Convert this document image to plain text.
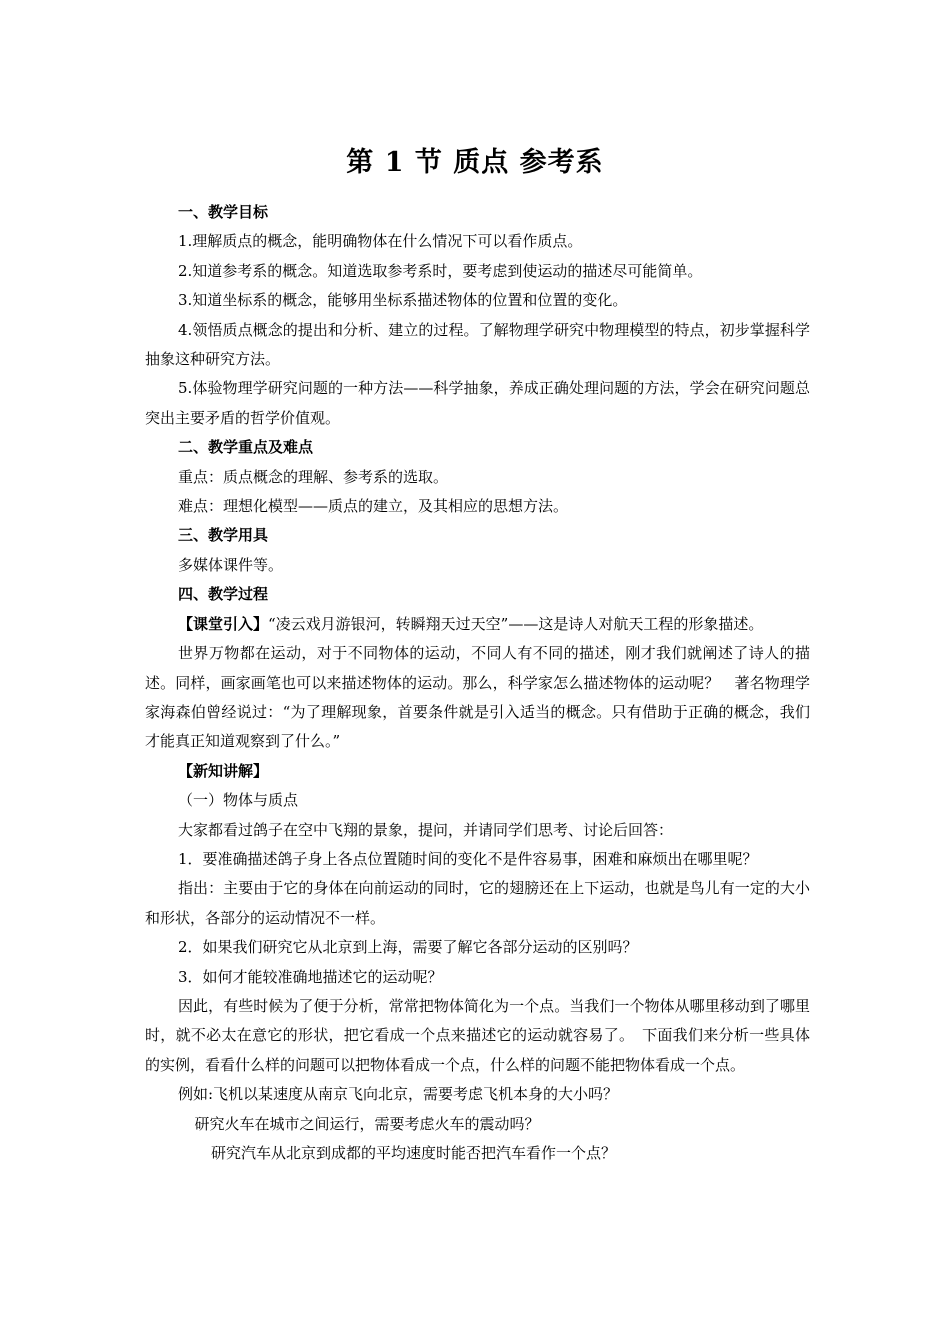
第 1 节 质点 参考系

一、教学目标

1.理解质点的概念，能明确物体在什么情况下可以看作质点。

2.知道参考系的概念。知道选取参考系时，要考虑到使运动的描述尽可能简单。

3.知道坐标系的概念，能够用坐标系描述物体的位置和位置的变化。

4.领悟质点概念的提出和分析、建立的过程。了解物理学研究中物理模型的特点，初步掌握科学抽象这种研究方法。

5.体验物理学研究问题的一种方法——科学抽象，养成正确处理问题的方法，学会在研究问题总突出主要矛盾的哲学价值观。

二、教学重点及难点

重点：质点概念的理解、参考系的选取。

难点：理想化模型——质点的建立，及其相应的思想方法。

三、教学用具

多媒体课件等。

四、教学过程

【课堂引入】“凌云戏月游银河，转瞬翔天过天空”——这是诗人对航天工程的形象描述。

世界万物都在运动，对于不同物体的运动，不同人有不同的描述，刚才我们就阐述了诗人的描述。同样，画家画笔也可以来描述物体的运动。那么，科学家怎么描述物体的运动呢？　著名物理学家海森伯曾经说过：“为了理解现象，首要条件就是引入适当的概念。只有借助于正确的概念，我们才能真正知道观察到了什么。”

【新知讲解】

（一）物体与质点

大家都看过鸽子在空中飞翔的景象，提问，并请同学们思考、讨论后回答：

1．要准确描述鸽子身上各点位置随时间的变化不是件容易事，困难和麻烦出在哪里呢？

指出：主要由于它的身体在向前运动的同时，它的翅膀还在上下运动，也就是鸟儿有一定的大小和形状，各部分的运动情况不一样。

2．如果我们研究它从北京到上海，需要了解它各部分运动的区别吗？

3．如何才能较准确地描述它的运动呢？

因此，有些时候为了便于分析，常常把物体简化为一个点。当我们一个物体从哪里移动到了哪里时，就不必太在意它的形状，把它看成一个点来描述它的运动就容易了。　下面我们来分析一些具体的实例，看看什么样的问题可以把物体看成一个点，什么样的问题不能把物体看成一个点。

例如:飞机以某速度从南京飞向北京，需要考虑飞机本身的大小吗？

研究火车在城市之间运行，需要考虑火车的震动吗？

研究汽车从北京到成都的平均速度时能否把汽车看作一个点？
